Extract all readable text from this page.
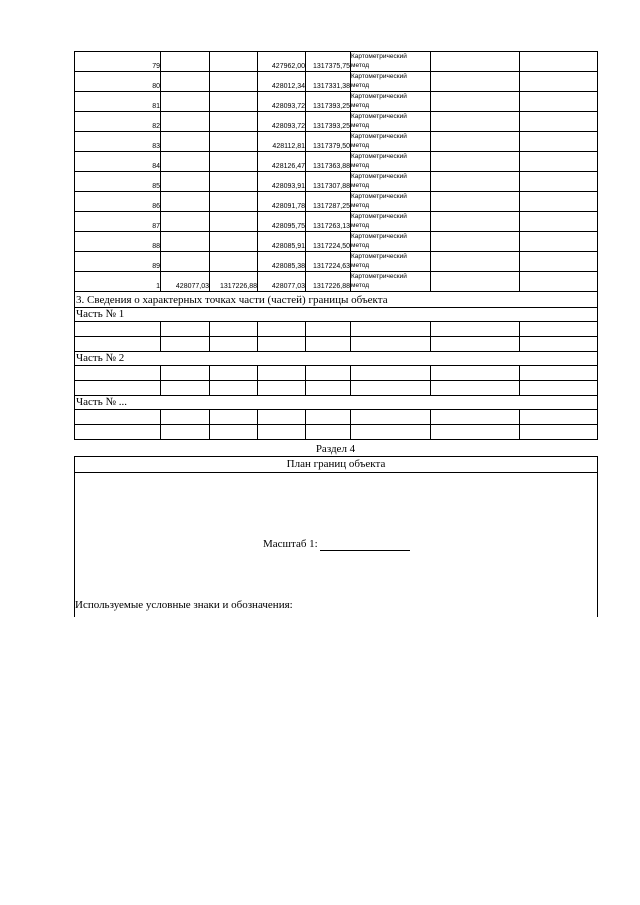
79			427962,00	1317375,75	Картометрический
метод		

80			428012,34	1317331,38	Картометрический
метод		

81			428093,72	1317393,25	Картометрический
метод		

82			428093,72	1317393,25	Картометрический
метод		

83			428112,81	1317379,50	Картометрический
метод		

84			428126,47	1317363,88	Картометрический
метод		

85			428093,91	1317307,88	Картометрический
метод		

86			428091,78	1317287,25	Картометрический
метод		

87			428095,75	1317263,13	Картометрический
метод		

88			428085,91	1317224,50	Картометрический
метод		

89			428085,38	1317224,63	Картометрический
метод		

1	428077,03	1317226,88	428077,03	1317226,88	Картометрический
метод		

3. Сведения о характерных точках части (частей) границы объекта							
Часть № 1							

Часть № 2							

Часть № ...							

Раздел 4
План границ объекта
Масштаб 1:
Используемые условные знаки и обозначения:
